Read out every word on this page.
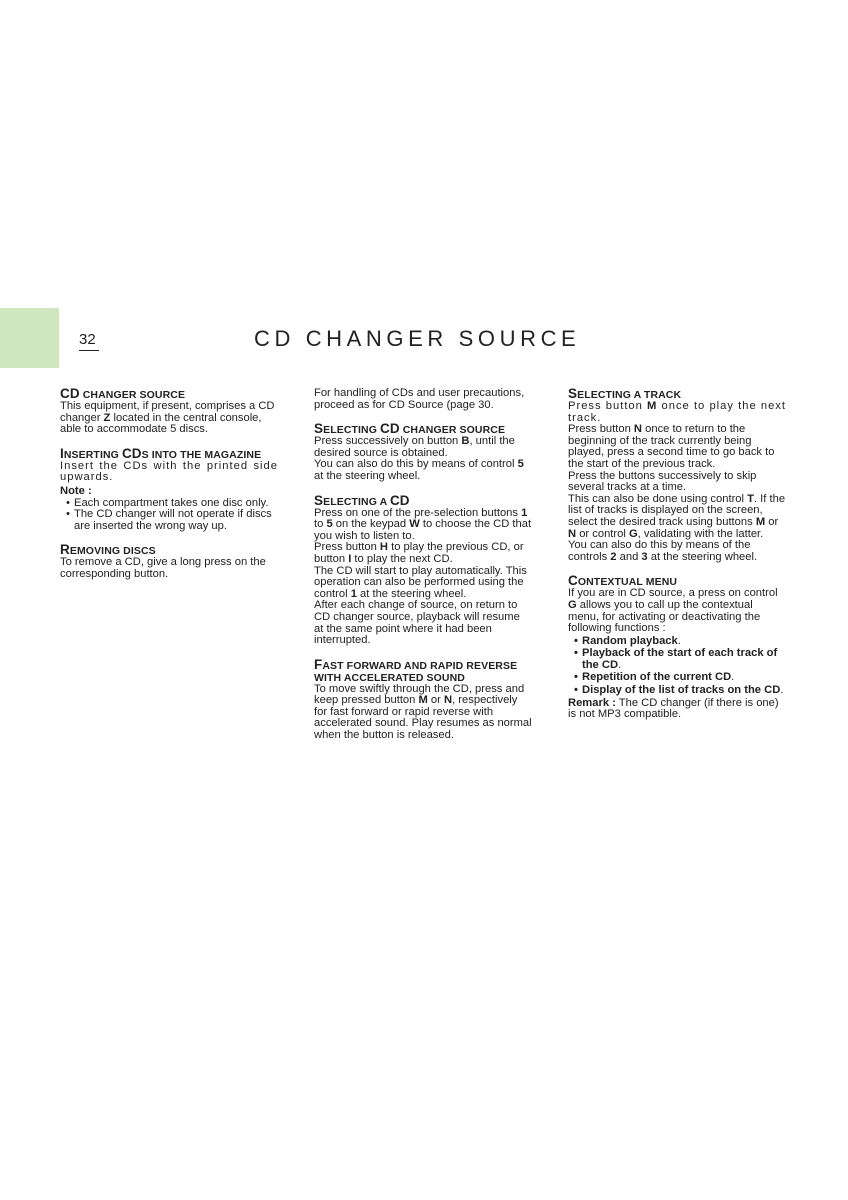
32	CD CHANGER SOURCE
CD CHANGER SOURCE

This equipment, if present, comprises a CD changer Z located in the central console, able to accommodate 5 discs.

INSERTING CDS INTO THE MAGAZINE

Insert the CDs with the printed side upwards.

Note :

• Each compartment takes one disc only.
• The CD changer will not operate if discs are inserted the wrong way up.
REMOVING DISCS

To remove a CD, give a long press on the corresponding button.

For handling of CDs and user precautions, proceed as for CD Source (page 30.

SELECTING CD CHANGER SOURCE

Press successively on button B, until the desired source is obtained.

You can also do this by means of control 5 at the steering wheel.

SELECTING A CD

Press on one of the pre-selection buttons 1 to 5 on the keypad W to choose the CD that you wish to listen to.

Press button H to play the previous CD, or button I to play the next CD.

The CD will start to play automatically. This operation can also be performed using the control 1 at the steering wheel.

After each change of source, on return to CD changer source, playback will resume at the same point where it had been interrupted.

FAST FORWARD AND RAPID REVERSE
WITH ACCELERATED SOUND

To move swiftly through the CD, press and keep pressed button M or N, respectively for fast forward or rapid reverse with accelerated sound. Play resumes as normal when the button is released.

SELECTING A TRACK

Press button M once to play the next track.

Press button N once to return to the beginning of the track currently being played, press a second time to go back to the start of the previous track.

Press the buttons successively to skip several tracks at a time.

This can also be done using control T. If the list of tracks is displayed on the screen, select the desired track using buttons M or N or control G, validating with the latter.

You can also do this by means of the controls 2 and 3 at the steering wheel.

CONTEXTUAL MENU

If you are in CD source, a press on control G allows you to call up the contextual menu, for activating or deactivating the following functions :

• Random playback.
• Playback of the start of each track of the CD.
• Repetition of the current CD.
• Display of the list of tracks on the CD.

Remark : The CD changer (if there is one) is not MP3 compatible.
